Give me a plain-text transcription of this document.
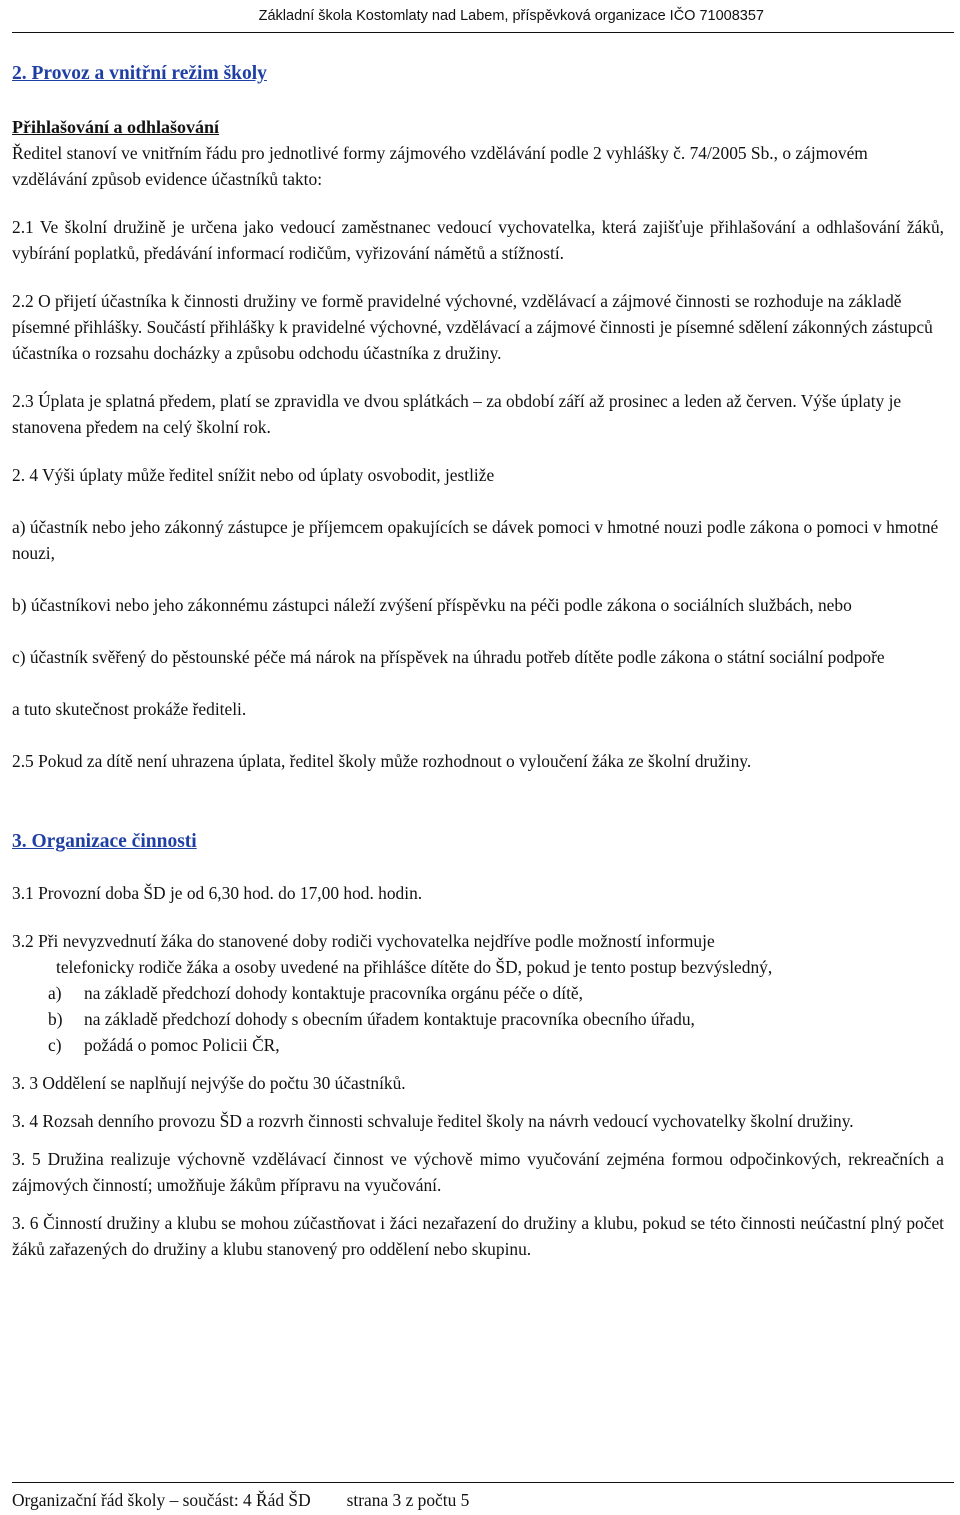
Základní škola Kostomlaty nad Labem, příspěvková organizace IČO 71008357
2. Provoz a vnitřní režim školy
Přihlašování a odhlašování

Ředitel stanoví ve vnitřním řádu pro jednotlivé formy zájmového vzdělávání podle 2 vyhlášky č. 74/2005 Sb., o zájmovém vzdělávání způsob evidence účastníků takto:

2.1 Ve školní družině je určena jako vedoucí zaměstnanec vedoucí vychovatelka, která zajišťuje přihlašování a odhlašování žáků, vybírání poplatků, předávání informací rodičům, vyřizování námětů a stížností.

2.2 O přijetí účastníka k činnosti družiny ve formě pravidelné výchovné, vzdělávací a zájmové činnosti se rozhoduje na základě písemné přihlášky. Součástí přihlášky k pravidelné výchovné, vzdělávací a zájmové činnosti je písemné sdělení zákonných zástupců účastníka o rozsahu docházky a způsobu odchodu účastníka z družiny.

2.3 Úplata je splatná předem, platí se zpravidla ve dvou splátkách – za období září až prosinec a leden až červen. Výše úplaty je stanovena předem na celý školní rok.

2. 4 Výši úplaty může ředitel snížit nebo od úplaty osvobodit, jestliže

a) účastník nebo jeho zákonný zástupce je příjemcem opakujících se dávek pomoci v hmotné nouzi podle zákona o pomoci v hmotné nouzi,

b) účastníkovi nebo jeho zákonnému zástupci náleží zvýšení příspěvku na péči podle zákona o sociálních službách, nebo

c) účastník svěřený do pěstounské péče má nárok na příspěvek na úhradu potřeb dítěte podle zákona o státní sociální podpoře

a tuto skutečnost prokáže řediteli.

2.5 Pokud za dítě není uhrazena úplata, ředitel školy může rozhodnout o vyloučení žáka ze školní družiny.

3. Organizace činnosti

3.1 Provozní doba ŠD je od 6,30 hod. do 17,00 hod. hodin.

3.2 Při nevyzvednutí žáka do stanovené doby rodiči vychovatelka nejdříve podle možností informuje

telefonicky rodiče žáka a osoby uvedené na přihlášce dítěte do ŠD, pokud je tento postup bezvýsledný,

a)	na základě předchozí dohody kontaktuje pracovníka orgánu péče o dítě,
b)	na základě předchozí dohody s obecním úřadem kontaktuje pracovníka obecního úřadu,
c)	požádá o pomoc Policii ČR,

3. 3 Oddělení se naplňují nejvýše do počtu 30 účastníků.

3. 4 Rozsah denního provozu ŠD a rozvrh činnosti schvaluje ředitel školy na návrh vedoucí vychovatelky školní družiny.

3. 5 Družina realizuje výchovně vzdělávací činnost ve výchově mimo vyučování zejména formou odpočinkových, rekreačních a zájmových činností; umožňuje žákům přípravu na vyučování.

3. 6 Činností družiny a klubu se mohou zúčastňovat i žáci nezařazení do družiny a klubu, pokud se této činnosti neúčastní plný počet žáků zařazených do družiny a klubu stanovený pro oddělení nebo skupinu.

Organizační řád školy – součást: 4 Řád ŠD strana 3 z počtu 5
